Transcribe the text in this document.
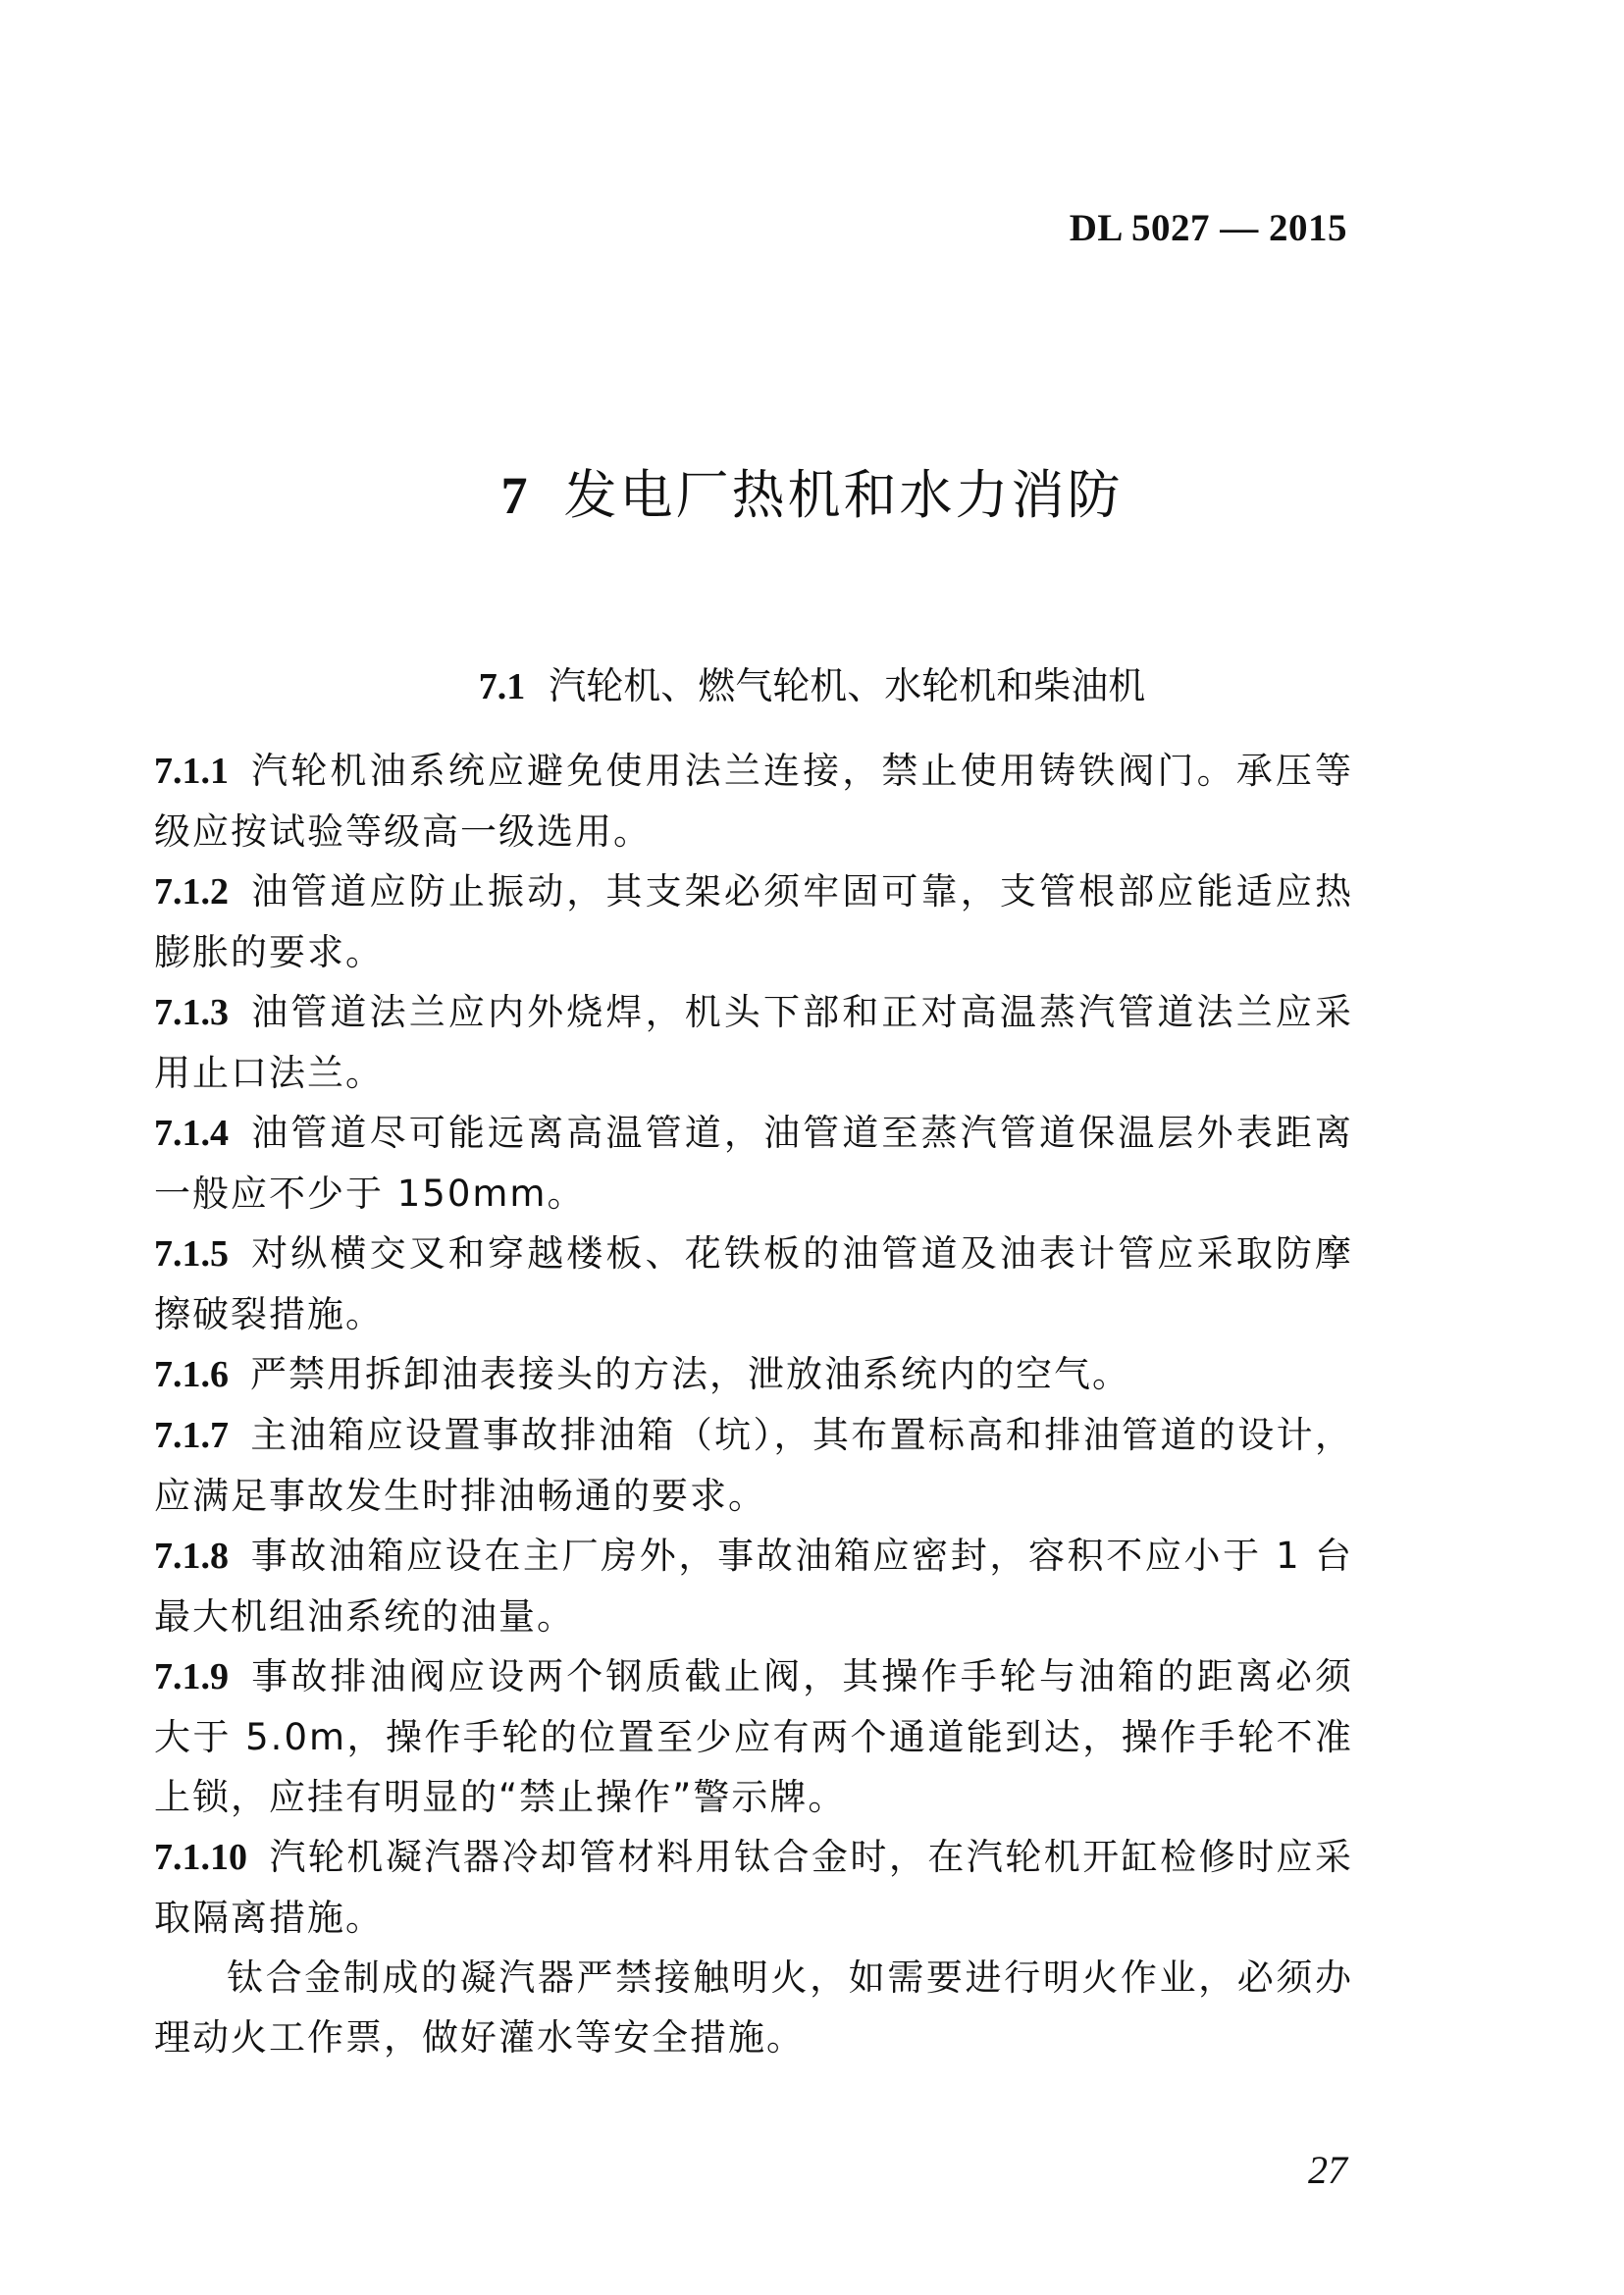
DL 5027 — 2015
7 发电厂热机和水力消防
7.1 汽轮机、燃气轮机、水轮机和柴油机

7.1.1 汽轮机油系统应避免使用法兰连接，禁止使用铸铁阀门。承压等级应按试验等级高一级选用。

7.1.2 油管道应防止振动，其支架必须牢固可靠，支管根部应能适应热膨胀的要求。

7.1.3 油管道法兰应内外烧焊，机头下部和正对高温蒸汽管道法兰应采用止口法兰。

7.1.4 油管道尽可能远离高温管道，油管道至蒸汽管道保温层外表距离一般应不少于 150mm。

7.1.5 对纵横交叉和穿越楼板、花铁板的油管道及油表计管应采取防摩擦破裂措施。

7.1.6 严禁用拆卸油表接头的方法，泄放油系统内的空气。

7.1.7 主油箱应设置事故排油箱（坑），其布置标高和排油管道的设计，应满足事故发生时排油畅通的要求。

7.1.8 事故油箱应设在主厂房外，事故油箱应密封，容积不应小于 1 台最大机组油系统的油量。

7.1.9 事故排油阀应设两个钢质截止阀，其操作手轮与油箱的距离必须大于 5.0m，操作手轮的位置至少应有两个通道能到达，操作手轮不准上锁，应挂有明显的“禁止操作”警示牌。

7.1.10 汽轮机凝汽器冷却管材料用钛合金时，在汽轮机开缸检修时应采取隔离措施。

钛合金制成的凝汽器严禁接触明火，如需要进行明火作业，必须办理动火工作票，做好灌水等安全措施。

27
